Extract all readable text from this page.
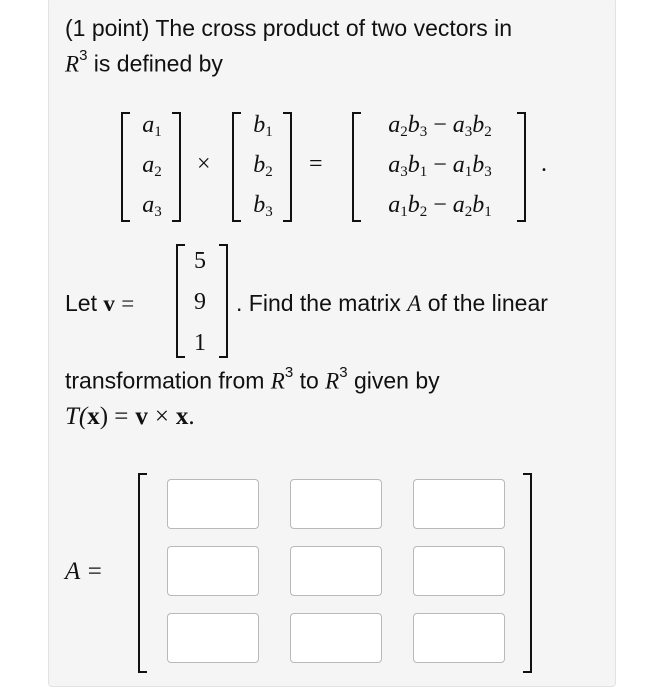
(1 point) The cross product of two vectors in
$R^3$ is defined by
$a_1$
$a_2$
$a_3$
×
$b_1$
$b_2$
$b_3$
=
$a_2b_3 - a_3b_2$
$a_3b_1 - a_1b_3$
$a_1b_2 - a_2b_1$
.
Let v =
5
9
1
. Find the matrix A of the linear
transformation from $R^3$ to $R^3$ given by
T(x) = v × x.
A =
